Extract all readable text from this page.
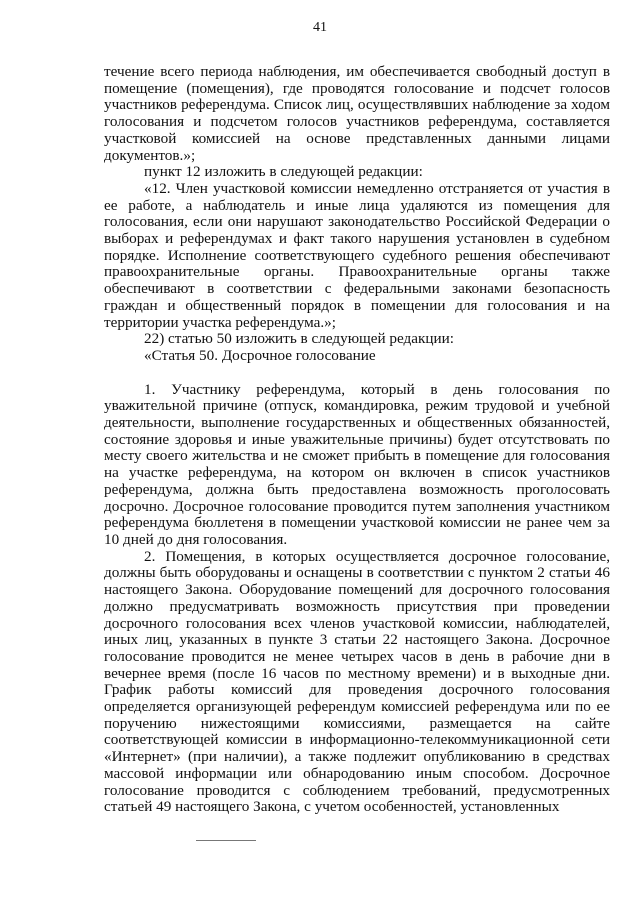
41

течение всего периода наблюдения, им обеспечивается свободный доступ в помещение (помещения), где проводятся голосование и подсчет голосов участников референдума. Список лиц, осуществлявших наблюдение за ходом голосования и подсчетом голосов участников референдума, составляется участковой комиссией на основе представленных данными лицами документов.»;

пункт 12 изложить в следующей редакции:

«12. Член участковой комиссии немедленно отстраняется от участия в ее работе, а наблюдатель и иные лица удаляются из помещения для голосования, если они нарушают законодательство Российской Федерации о выборах и референдумах и факт такого нарушения установлен в судебном порядке. Исполнение соответствующего судебного решения обеспечивают правоохранительные органы. Правоохранительные органы также обеспечивают в соответствии с федеральными законами безопасность граждан и общественный порядок в помещении для голосования и на территории участка референдума.»;

22) статью 50 изложить в следующей редакции:

«Статья 50. Досрочное голосование

1. Участнику референдума, который в день голосования по уважительной причине (отпуск, командировка, режим трудовой и учебной деятельности, выполнение государственных и общественных обязанностей, состояние здоровья и иные уважительные причины) будет отсутствовать по месту своего жительства и не сможет прибыть в помещение для голосования на участке референдума, на котором он включен в список участников референдума, должна быть предоставлена возможность проголосовать досрочно. Досрочное голосование проводится путем заполнения участником референдума бюллетеня в помещении участковой комиссии не ранее чем за 10 дней до дня голосования.

2. Помещения, в которых осуществляется досрочное голосование, должны быть оборудованы и оснащены в соответствии с пунктом 2 статьи 46 настоящего Закона. Оборудование помещений для досрочного голосования должно предусматривать возможность присутствия при проведении досрочного голосования всех членов участковой комиссии, наблюдателей, иных лиц, указанных в пункте 3 статьи 22 настоящего Закона. Досрочное голосование проводится не менее четырех часов в день в рабочие дни в вечернее время (после 16 часов по местному времени) и в выходные дни. График работы комиссий для проведения досрочного голосования определяется организующей референдум комиссией референдума или по ее поручению нижестоящими комиссиями, размещается на сайте соответствующей комиссии в информационно-телекоммуникационной сети «Интернет» (при наличии), а также подлежит опубликованию в средствах массовой информации или обнародованию иным способом. Досрочное голосование проводится с соблюдением требований, предусмотренных статьей 49 настоящего Закона, с учетом особенностей, установленных
